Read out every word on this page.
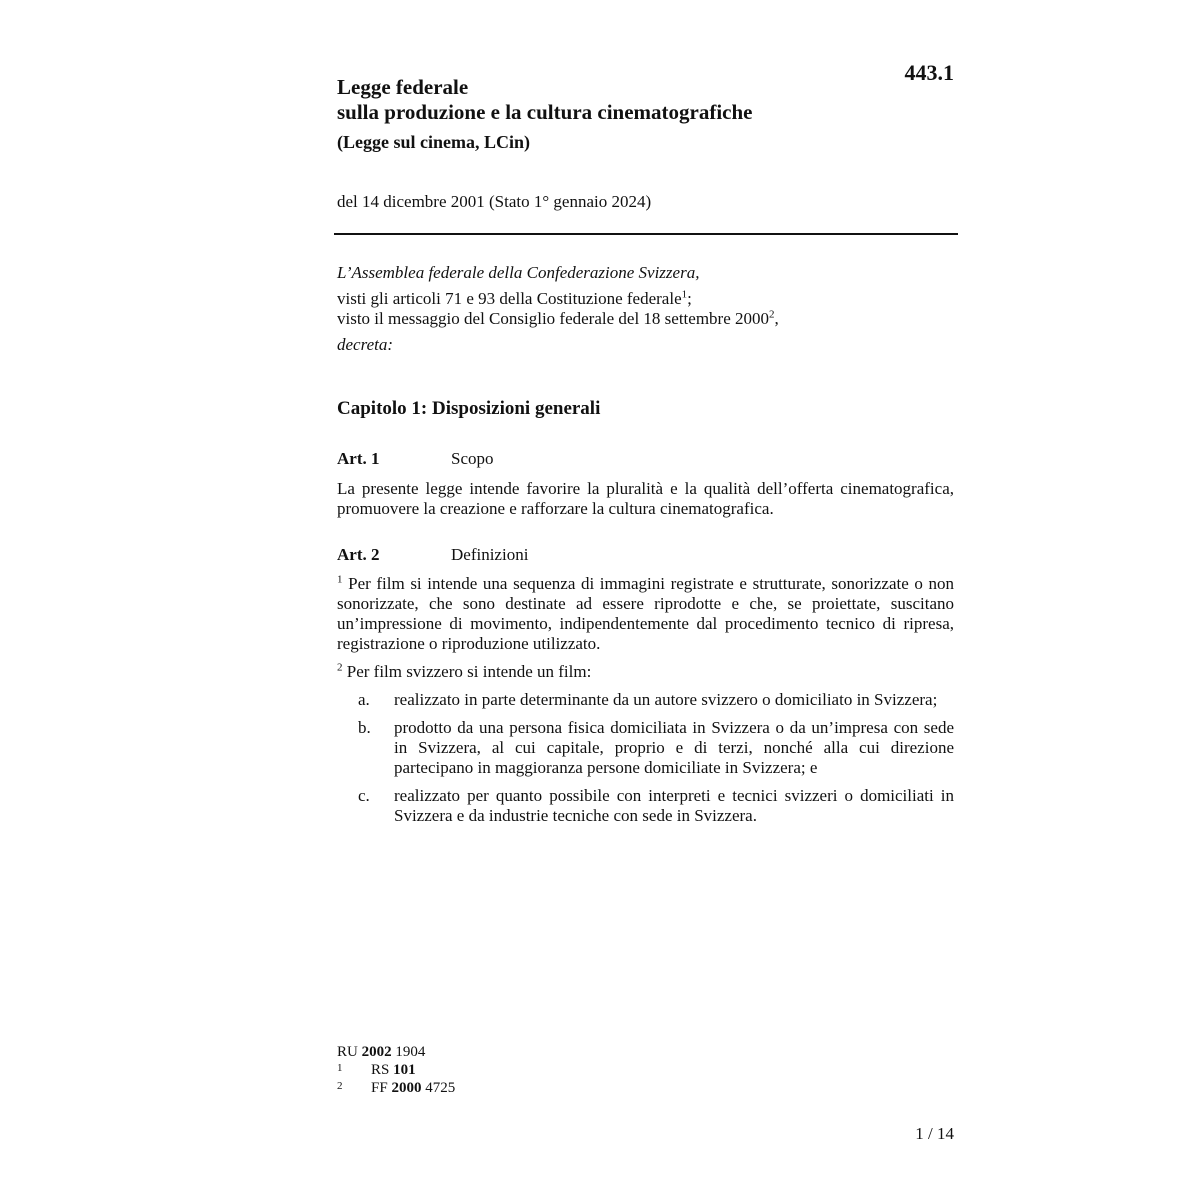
443.1
Legge federale
sulla produzione e la cultura cinematografiche
(Legge sul cinema, LCin)
del 14 dicembre 2001 (Stato 1° gennaio 2024)
L’Assemblea federale della Confederazione Svizzera,
visti gli articoli 71 e 93 della Costituzione federale$^1$;
visto il messaggio del Consiglio federale del 18 settembre 2000$^2$,
decreta:
Capitolo 1: Disposizioni generali
Art. 1	Scopo
La presente legge intende favorire la pluralità e la qualità dell’offerta cinematografica, promuovere la creazione e rafforzare la cultura cinematografica.
Art. 2	Definizioni
$^1$ Per film si intende una sequenza di immagini registrate e strutturate, sonorizzate o non sonorizzate, che sono destinate ad essere riprodotte e che, se proiettate, suscitano un’impressione di movimento, indipendentemente dal procedimento tecnico di ripresa, registrazione o riproduzione utilizzato.
$^2$ Per film svizzero si intende un film:
a.	realizzato in parte determinante da un autore svizzero o domiciliato in Svizzera;
b.	prodotto da una persona fisica domiciliata in Svizzera o da un’impresa con sede in Svizzera, al cui capitale, proprio e di terzi, nonché alla cui direzione partecipano in maggioranza persone domiciliate in Svizzera; e
c.	realizzato per quanto possibile con interpreti e tecnici svizzeri o domiciliati in Svizzera e da industrie tecniche con sede in Svizzera.
RU 2002 1904
1 RS 101
2 FF 2000 4725
1 / 14
